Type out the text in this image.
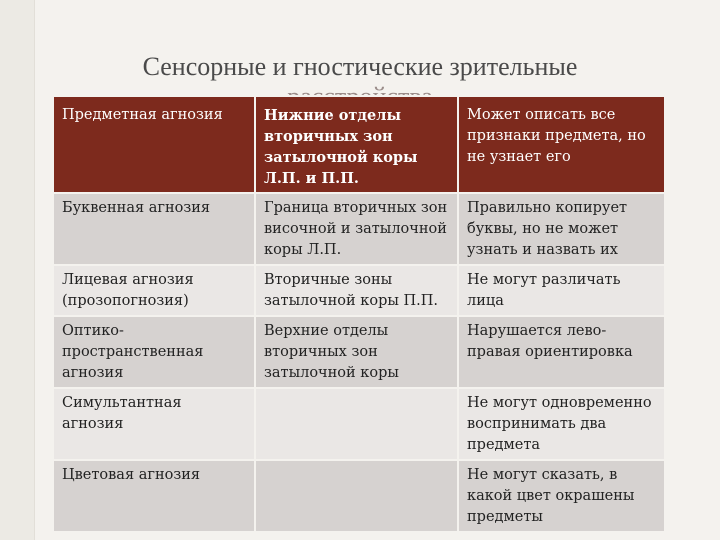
Сенсорные и гностические зрительные
Предметная агнозия	Нижние отделы вторичных зон затылочной коры Л.П. и П.П.	Может описать все признаки предмета, но не узнает его
Буквенная агнозия	Граница вторичных зон височной и затылочной коры Л.П.	Правильно копирует буквы, но не может узнать и назвать их
Лицевая агнозия (прозопогнозия)	Вторичные зоны затылочной коры П.П.	Не могут различать лица
Оптико-пространственная агнозия	Верхние отделы вторичных зон затылочной коры	Нарушается лево-правая ориентировка
Симультантная агнозия		Не могут одновременно воспринимать два предмета
Цветовая агнозия		Не могут сказать, в какой цвет окрашены предметы
